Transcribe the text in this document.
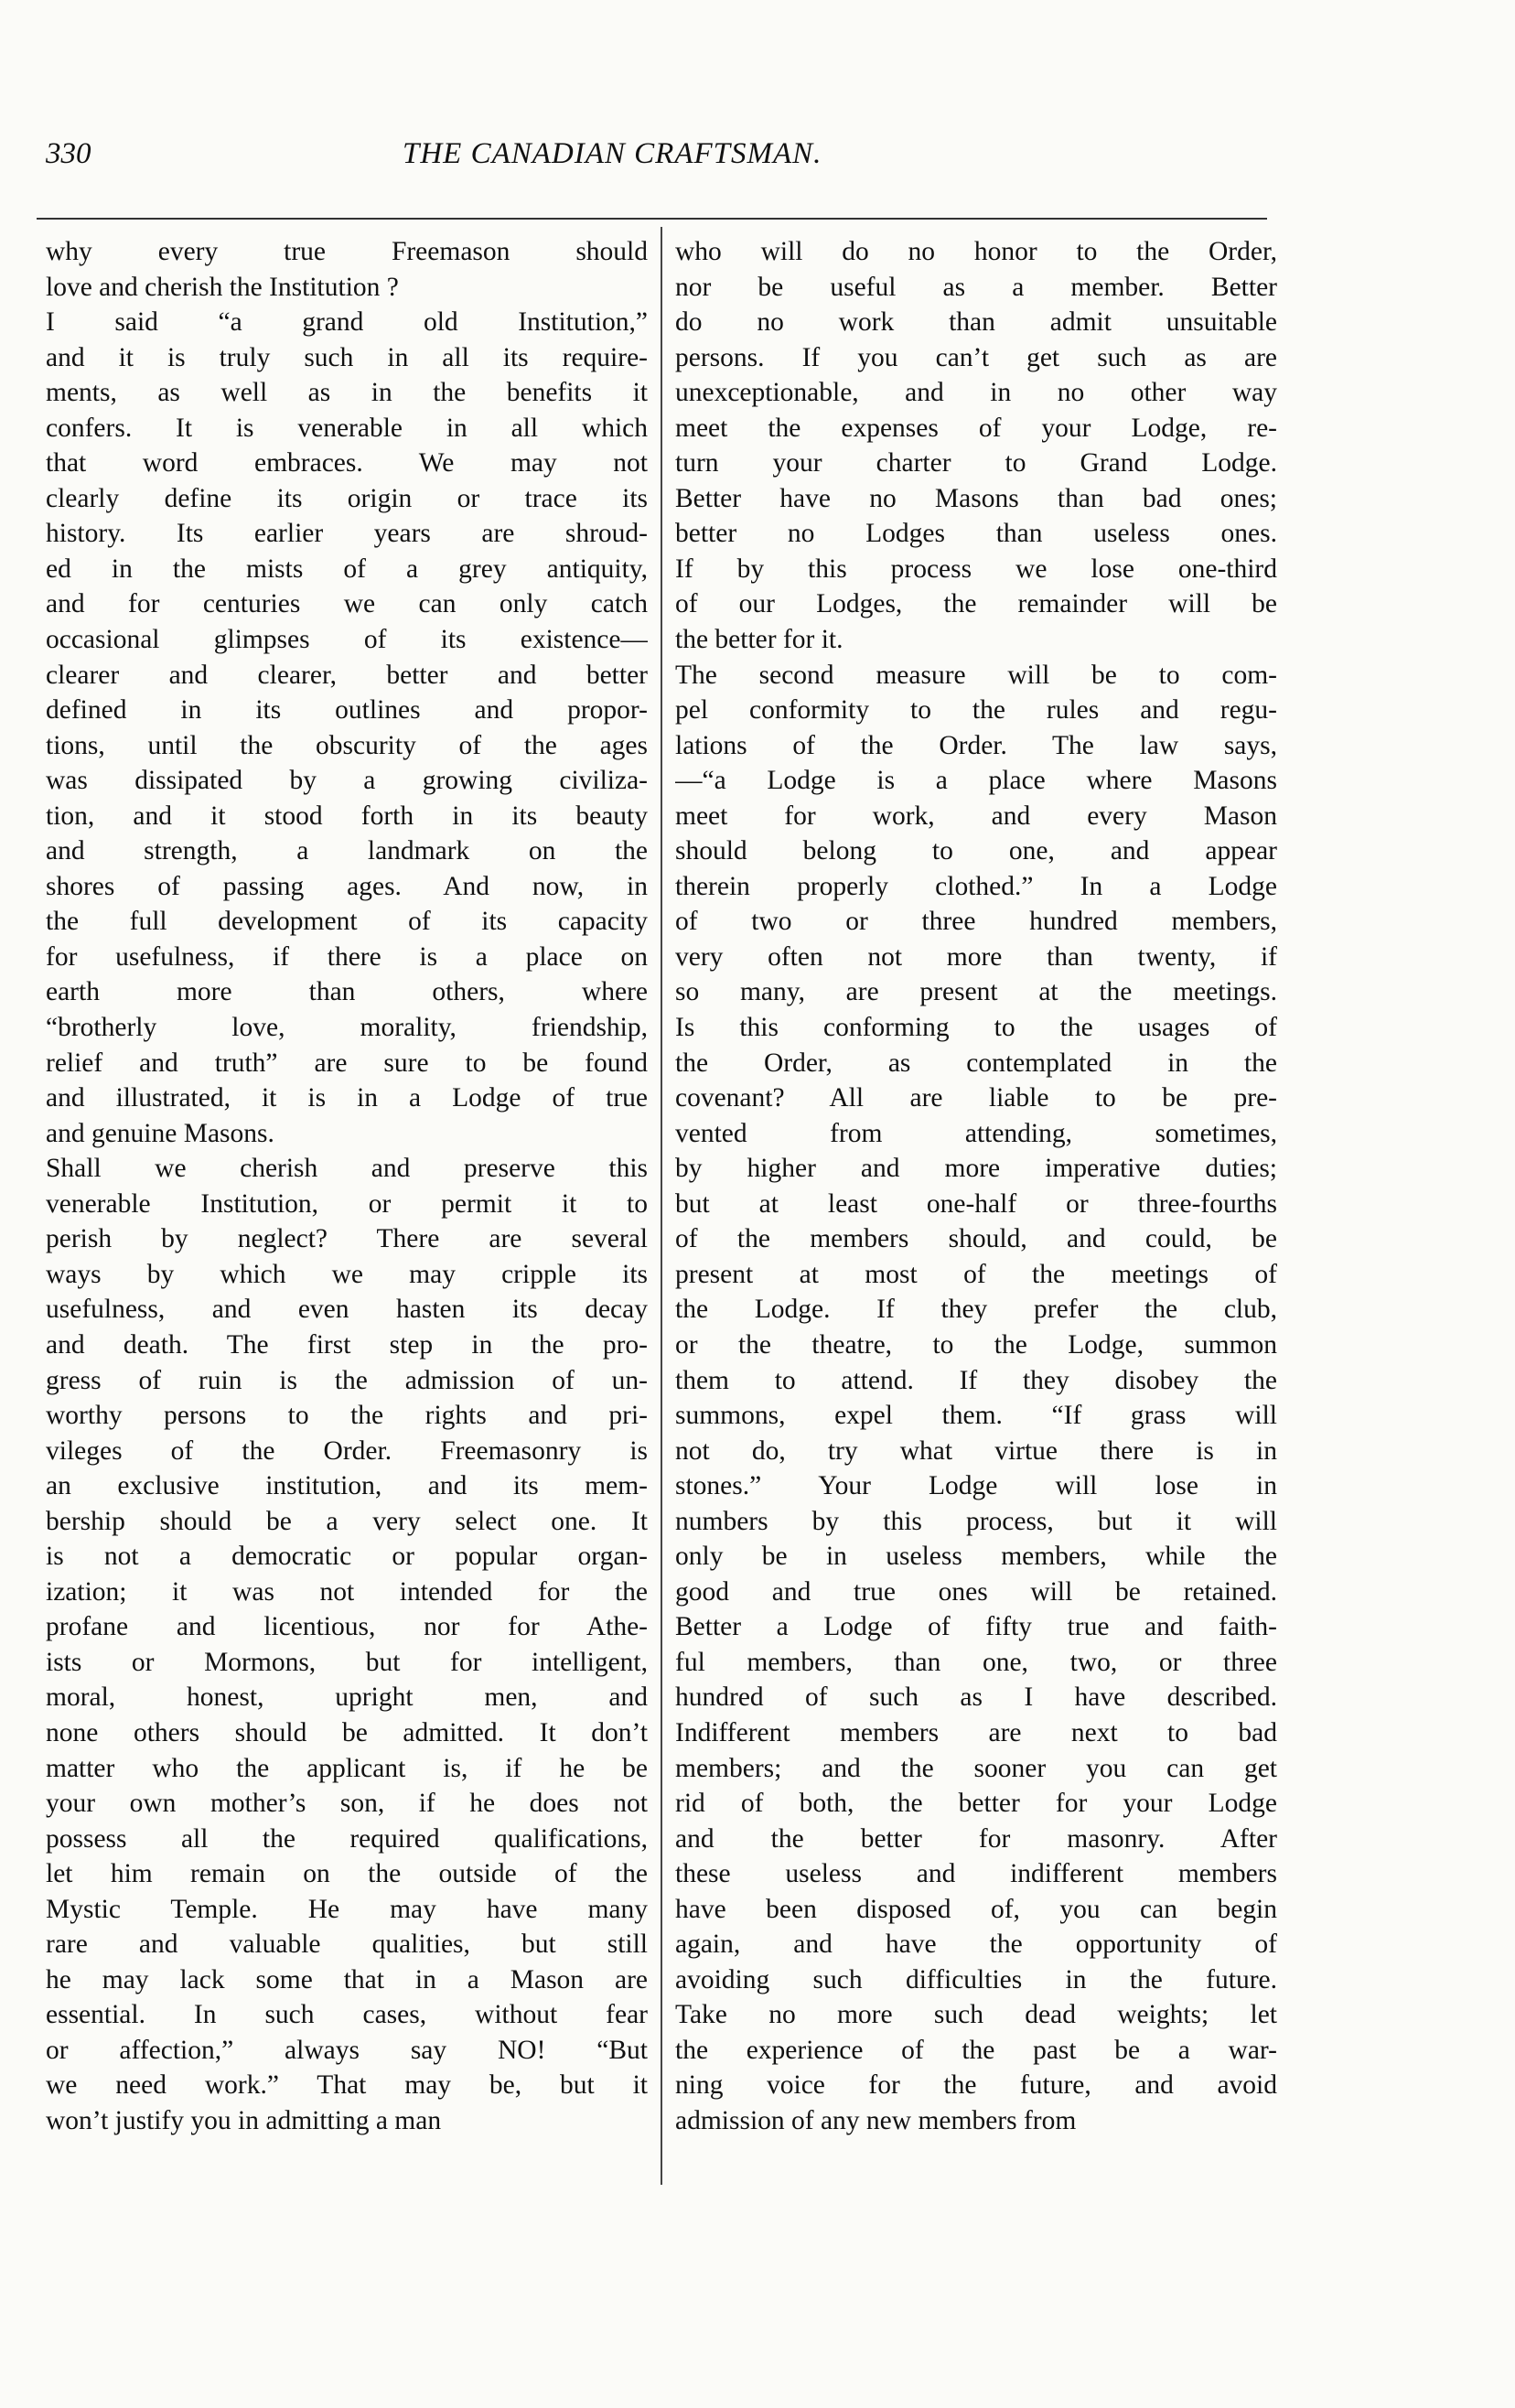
330	THE CANADIAN CRAFTSMAN.
why every true Freemason should
love and cherish the Institution ?
I said “a grand old Institution,”
and it is truly such in all its require-
ments, as well as in the benefits it
confers. It is venerable in all which
that word embraces. We may not
clearly define its origin or trace its
history. Its earlier years are shroud-
ed in the mists of a grey antiquity,
and for centuries we can only catch
occasional glimpses of its existence—
clearer and clearer, better and better
defined in its outlines and propor-
tions, until the obscurity of the ages
was dissipated by a growing civiliza-
tion, and it stood forth in its beauty
and strength, a landmark on the
shores of passing ages. And now, in
the full development of its capacity
for usefulness, if there is a place on
earth more than others, where
“brotherly love, morality, friendship,
relief and truth” are sure to be found
and illustrated, it is in a Lodge of true
and genuine Masons.
Shall we cherish and preserve this
venerable Institution, or permit it to
perish by neglect? There are several
ways by which we may cripple its
usefulness, and even hasten its decay
and death. The first step in the pro-
gress of ruin is the admission of un-
worthy persons to the rights and pri-
vileges of the Order. Freemasonry is
an exclusive institution, and its mem-
bership should be a very select one. It
is not a democratic or popular organ-
ization; it was not intended for the
profane and licentious, nor for Athe-
ists or Mormons, but for intelligent,
moral, honest, upright men, and
none others should be admitted. It don’t
matter who the applicant is, if he be
your own mother’s son, if he does not
possess all the required qualifications,
let him remain on the outside of the
Mystic Temple. He may have many
rare and valuable qualities, but still
he may lack some that in a Mason are
essential. In such cases, without fear
or affection,” always say NO! “But
we need work.” That may be, but it
won’t justify you in admitting a man
who will do no honor to the Order,
nor be useful as a member. Better
do no work than admit unsuitable
persons. If you can’t get such as are
unexceptionable, and in no other way
meet the expenses of your Lodge, re-
turn your charter to Grand Lodge.
Better have no Masons than bad ones;
better no Lodges than useless ones.
If by this process we lose one-third
of our Lodges, the remainder will be
the better for it.
The second measure will be to com-
pel conformity to the rules and regu-
lations of the Order. The law says,
—“a Lodge is a place where Masons
meet for work, and every Mason
should belong to one, and appear
therein properly clothed.” In a Lodge
of two or three hundred members,
very often not more than twenty, if
so many, are present at the meetings.
Is this conforming to the usages of
the Order, as contemplated in the
covenant? All are liable to be pre-
vented from attending, sometimes,
by higher and more imperative duties;
but at least one-half or three-fourths
of the members should, and could, be
present at most of the meetings of
the Lodge. If they prefer the club,
or the theatre, to the Lodge, summon
them to attend. If they disobey the
summons, expel them. “If grass will
not do, try what virtue there is in
stones.” Your Lodge will lose in
numbers by this process, but it will
only be in useless members, while the
good and true ones will be retained.
Better a Lodge of fifty true and faith-
ful members, than one, two, or three
hundred of such as I have described.
Indifferent members are next to bad
members; and the sooner you can get
rid of both, the better for your Lodge
and the better for masonry. After
these useless and indifferent members
have been disposed of, you can begin
again, and have the opportunity of
avoiding such difficulties in the future.
Take no more such dead weights; let
the experience of the past be a war-
ning voice for the future, and avoid
admission of any new members from
